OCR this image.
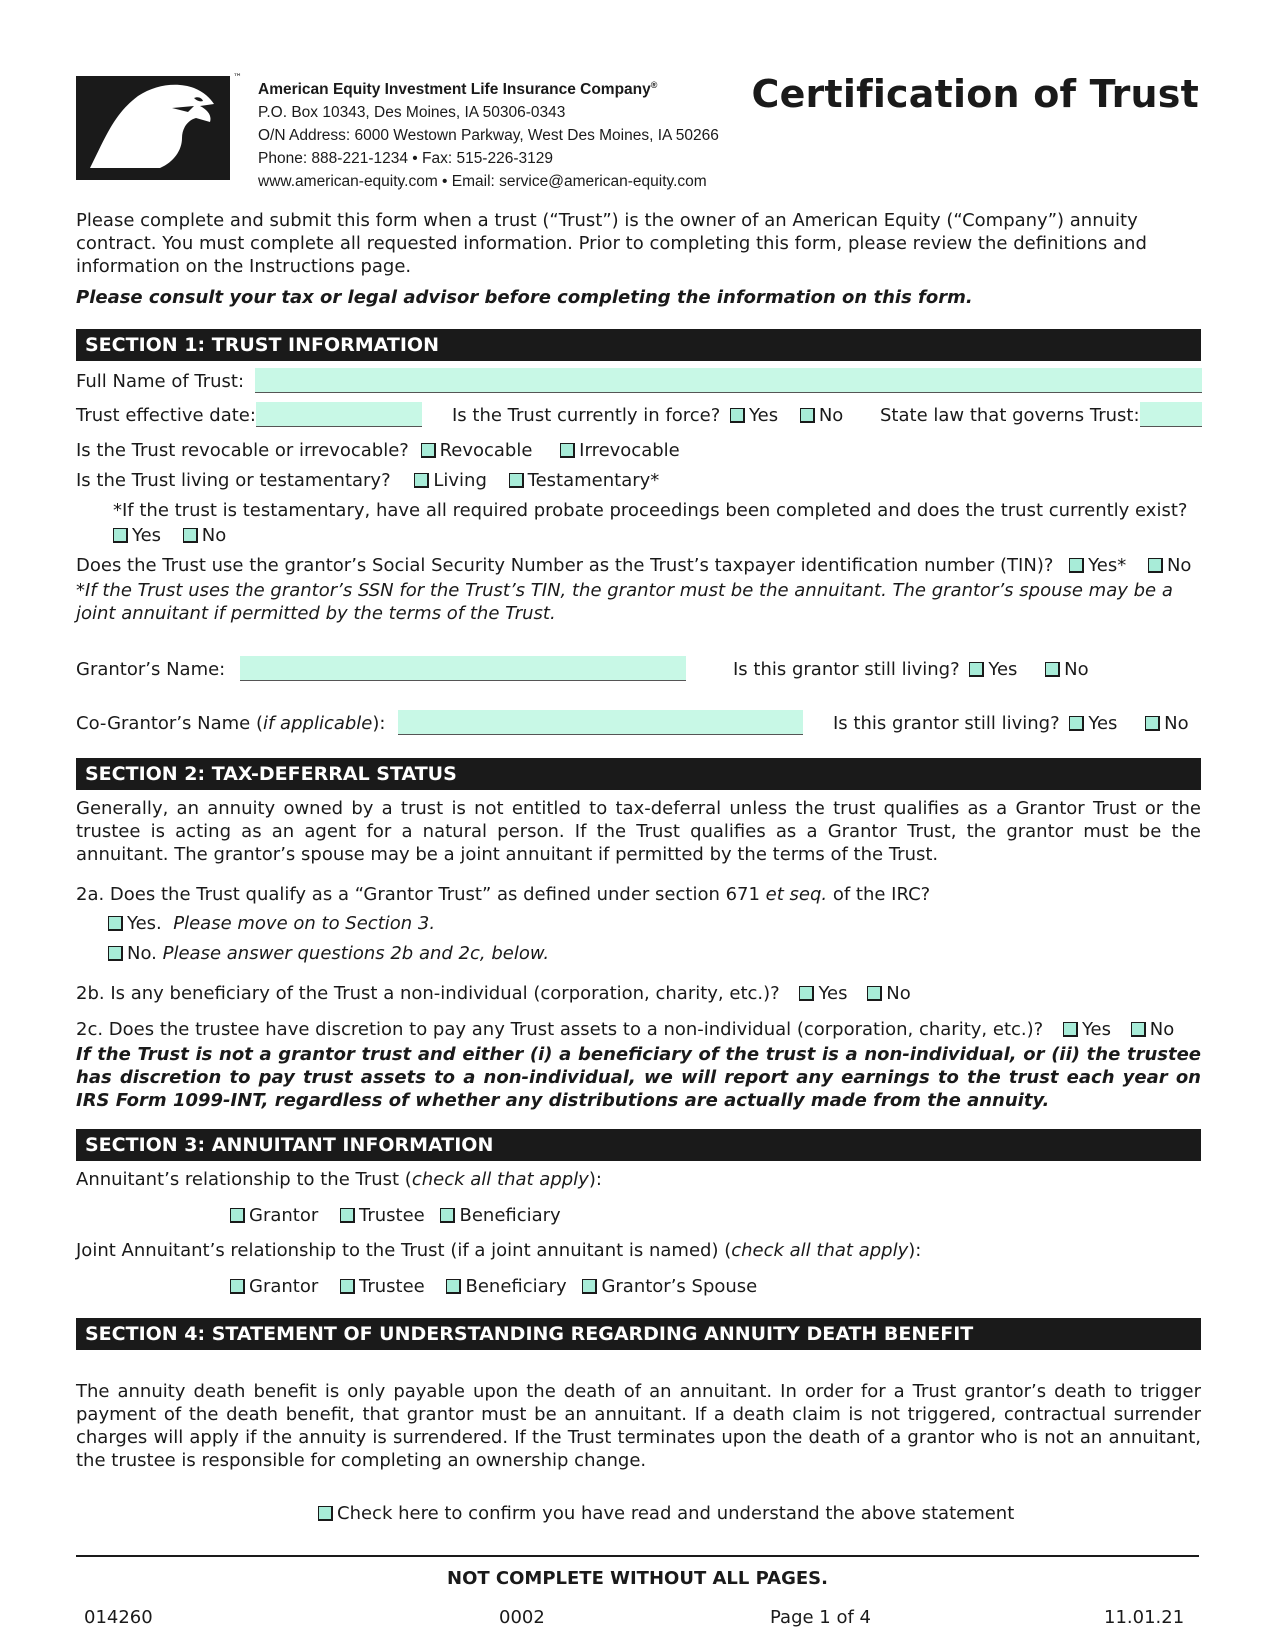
™
American Equity Investment Life Insurance Company®
P.O. Box 10343, Des Moines, IA 50306-0343
O/N Address: 6000 Westown Parkway, West Des Moines, IA 50266
Phone: 888-221-1234 • Fax: 515-226-3129
www.american-equity.com • Email: service@american-equity.com
Certification of Trust
Please complete and submit this form when a trust (“Trust”) is the owner of an American Equity (“Company”) annuity contract. You must complete all requested information. Prior to completing this form, please review the definitions and information on the Instructions page.
Please consult your tax or legal advisor before completing the information on this form.
SECTION 1: TRUST INFORMATION
Full Name of Trust:
Trust effective date:	Is the Trust currently in force? Yes No State law that governs Trust:
Is the Trust revocable or irrevocable? Revocable	Irrevocable
Is the Trust living or testamentary? Living Testamentary*
*If the trust is testamentary, have all required probate proceedings been completed and does the trust currently exist?
Yes No
Does the Trust use the grantor’s Social Security Number as the Trust’s taxpayer identification number (TIN)? Yes* No
*If the Trust uses the grantor’s SSN for the Trust’s TIN, the grantor must be the annuitant. The grantor’s spouse may be a joint annuitant if permitted by the terms of the Trust.
Grantor’s Name:	Is this grantor still living? Yes	No
Co-Grantor’s Name (if applicable):	Is this grantor still living? Yes	No
SECTION 2: TAX-DEFERRAL STATUS
Generally, an annuity owned by a trust is not entitled to tax-deferral unless the trust qualifies as a Grantor Trust or the trustee is acting as an agent for a natural person. If the Trust qualifies as a Grantor Trust, the grantor must be the annuitant. The grantor’s spouse may be a joint annuitant if permitted by the terms of the Trust.
2a. Does the Trust qualify as a “Grantor Trust” as defined under section 671 et seq. of the IRC?
Yes. Please move on to Section 3.
No. Please answer questions 2b and 2c, below.
2b. Is any beneficiary of the Trust a non-individual (corporation, charity, etc.)? Yes No
2c. Does the trustee have discretion to pay any Trust assets to a non-individual (corporation, charity, etc.)? Yes No
If the Trust is not a grantor trust and either (i) a beneficiary of the trust is a non-individual, or (ii) the trustee has discretion to pay trust assets to a non-individual, we will report any earnings to the trust each year on IRS Form 1099-INT, regardless of whether any distributions are actually made from the annuity.
SECTION 3: ANNUITANT INFORMATION
Annuitant’s relationship to the Trust (check all that apply):
Grantor Trustee Beneficiary
Joint Annuitant’s relationship to the Trust (if a joint annuitant is named) (check all that apply):
Grantor Trustee Beneficiary Grantor’s Spouse
SECTION 4: STATEMENT OF UNDERSTANDING REGARDING ANNUITY DEATH BENEFIT
The annuity death benefit is only payable upon the death of an annuitant. In order for a Trust grantor’s death to trigger payment of the death benefit, that grantor must be an annuitant. If a death claim is not triggered, contractual surrender charges will apply if the annuity is surrendered. If the Trust terminates upon the death of a grantor who is not an annuitant, the trustee is responsible for completing an ownership change.
Check here to confirm you have read and understand the above statement
NOT COMPLETE WITHOUT ALL PAGES.
014260	0002	Page 1 of 4	11.01.21
